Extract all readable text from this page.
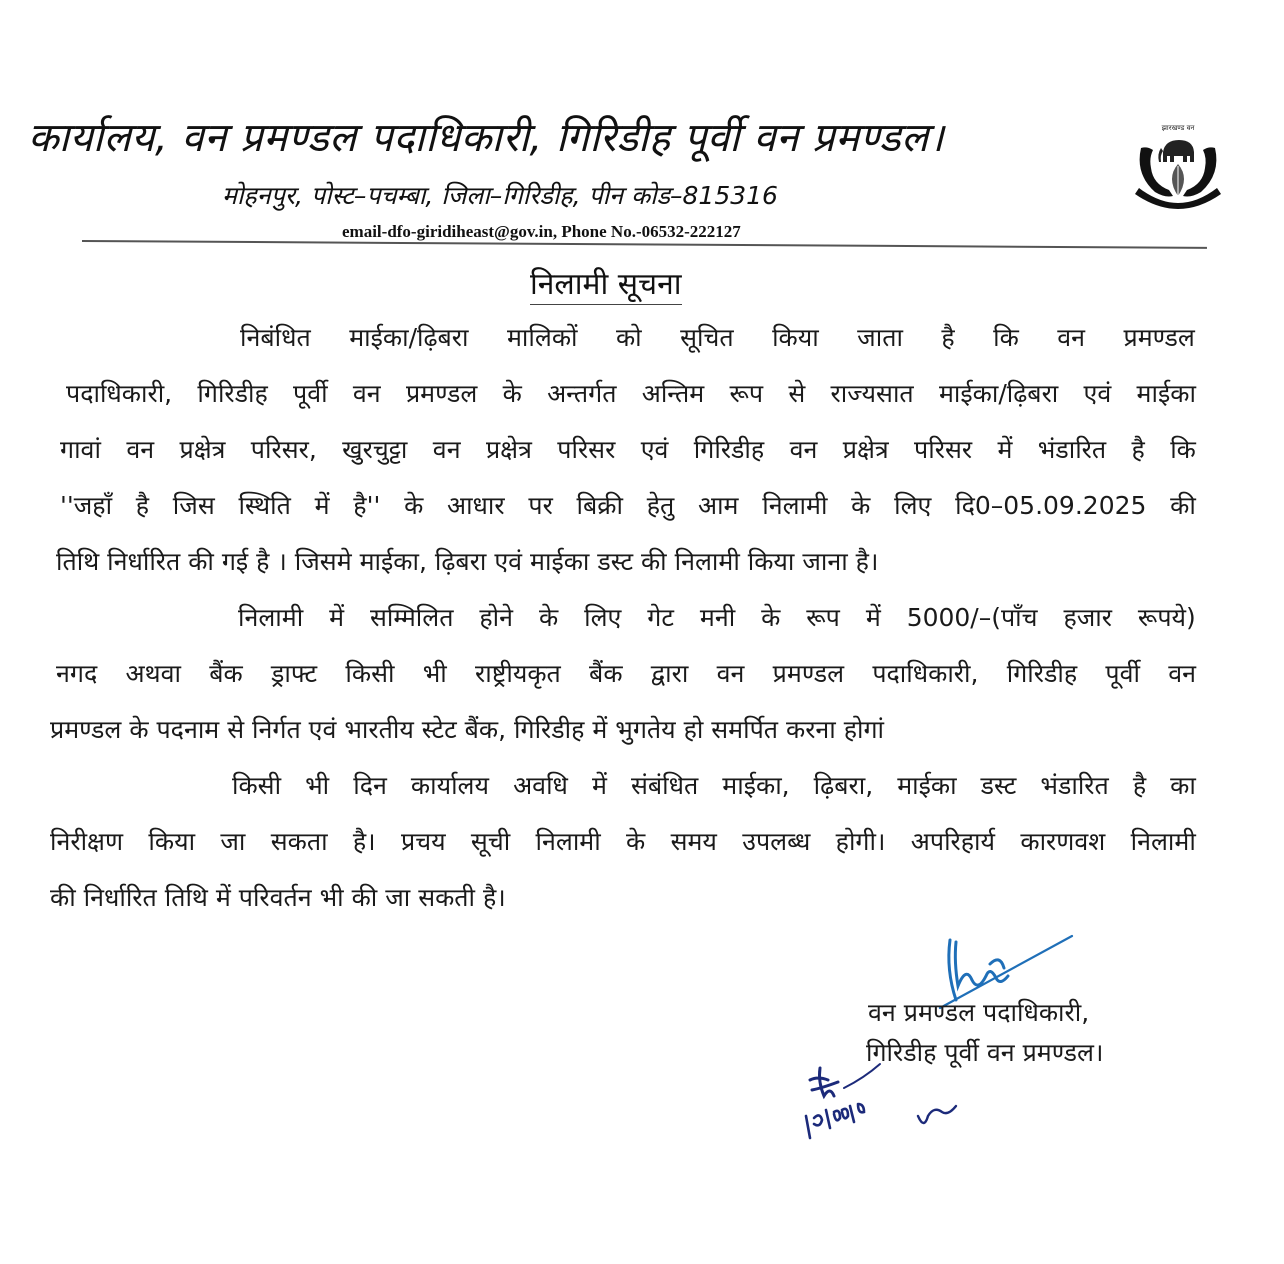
कार्यालय, वन प्रमण्डल पदाधिकारी, गिरिडीह पूर्वी वन प्रमण्डल।
मोहनपुर, पोस्ट–पचम्बा, जिला–गिरिडीह, पीन कोड–815316
email-dfo-giridiheast@gov.in, Phone No.-06532-222127
झारखण्ड वन
निलामी सूचना
निबंधित माईका/ढ़िबरा मालिकों को सूचित किया जाता है कि वन प्रमण्डल
पदाधिकारी, गिरिडीह पूर्वी वन प्रमण्डल के अन्तर्गत अन्तिम रूप से राज्यसात माईका/ढ़िबरा एवं माईका
गावां वन प्रक्षेत्र परिसर, खुरचुट्टा वन प्रक्षेत्र परिसर एवं गिरिडीह वन प्रक्षेत्र परिसर में भंडारित है कि
''जहाँ है जिस स्थिति में है'' के आधार पर बिक्री हेतु आम निलामी के लिए दि0–05.09.2025 की
तिथि निर्धारित की गई है । जिसमे माईका, ढ़िबरा एवं माईका डस्ट की निलामी किया जाना है।
निलामी में सम्मिलित होने के लिए गेट मनी के रूप में 5000/–(पाँच हजार रूपये)
नगद अथवा बैंक ड्राफ्ट किसी भी राष्ट्रीयकृत बैंक द्वारा वन प्रमण्डल पदाधिकारी, गिरिडीह पूर्वी वन
प्रमण्डल के पदनाम से निर्गत एवं भारतीय स्टेट बैंक, गिरिडीह में भुगतेय हो समर्पित करना होगां
किसी भी दिन कार्यालय अवधि में संबंधित माईका, ढ़िबरा, माईका डस्ट भंडारित है का
निरीक्षण किया जा सकता है। प्रचय सूची निलामी के समय उपलब्ध होगी। अपरिहार्य कारणवश निलामी
की निर्धारित तिथि में परिवर्तन भी की जा सकती है।
वन प्रमण्डल पदाधिकारी,
गिरिडीह पूर्वी वन प्रमण्डल।
